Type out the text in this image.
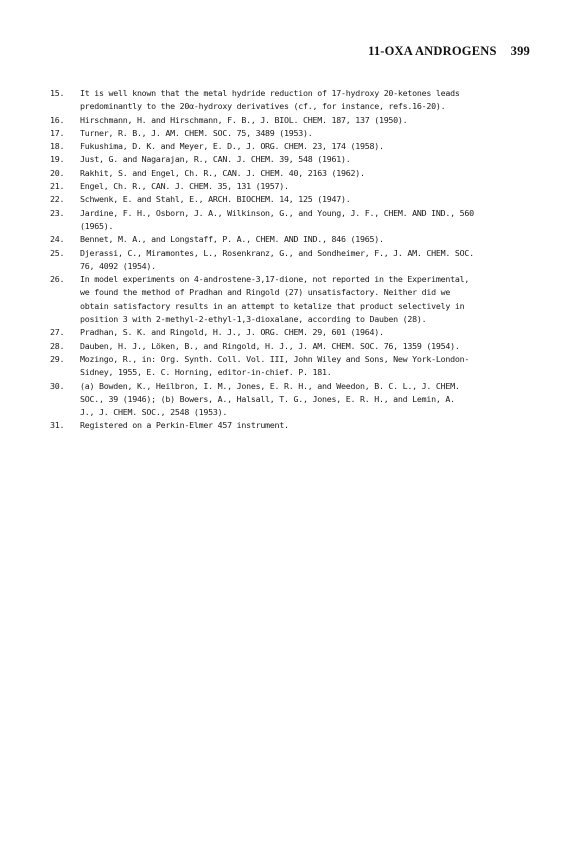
11-OXA ANDROGENS 399
15.	It is well known that the metal hydride reduction of 17-hydroxy 20-ketones leads
predominantly to the 20α-hydroxy derivatives (cf., for instance, refs.16-20).
16.	Hirschmann, H. and Hirschmann, F. B., J. BIOL. CHEM. 187, 137 (1950).
17.	Turner, R. B., J. AM. CHEM. SOC. 75, 3489 (1953).
18.	Fukushima, D. K. and Meyer, E. D., J. ORG. CHEM. 23, 174 (1958).
19.	Just, G. and Nagarajan, R., CAN. J. CHEM. 39, 548 (1961).
20.	Rakhit, S. and Engel, Ch. R., CAN. J. CHEM. 40, 2163 (1962).
21.	Engel, Ch. R., CAN. J. CHEM. 35, 131 (1957).
22.	Schwenk, E. and Stahl, E., ARCH. BIOCHEM. 14, 125 (1947).
23.	Jardine, F. H., Osborn, J. A., Wilkinson, G., and Young, J. F., CHEM. AND IND., 560
(1965).
24.	Bennet, M. A., and Longstaff, P. A., CHEM. AND IND., 846 (1965).
25.	Djerassi, C., Miramontes, L., Rosenkranz, G., and Sondheimer, F., J. AM. CHEM. SOC.
76, 4092 (1954).
26.	In model experiments on 4-androstene-3,17-dione, not reported in the Experimental,
we found the method of Pradhan and Ringold (27) unsatisfactory. Neither did we
obtain satisfactory results in an attempt to ketalize that product selectively in
position 3 with 2-methyl-2-ethyl-1,3-dioxalane, according to Dauben (28).
27.	Pradhan, S. K. and Ringold, H. J., J. ORG. CHEM. 29, 601 (1964).
28.	Dauben, H. J., Löken, B., and Ringold, H. J., J. AM. CHEM. SOC. 76, 1359 (1954).
29.	Mozingo, R., in: Org. Synth. Coll. Vol. III, John Wiley and Sons, New York-London-
Sidney, 1955, E. C. Horning, editor-in-chief. P. 181.
30.	(a) Bowden, K., Heilbron, I. M., Jones, E. R. H., and Weedon, B. C. L., J. CHEM.
SOC., 39 (1946); (b) Bowers, A., Halsall, T. G., Jones, E. R. H., and Lemin, A.
J., J. CHEM. SOC., 2548 (1953).
31.	Registered on a Perkin-Elmer 457 instrument.
